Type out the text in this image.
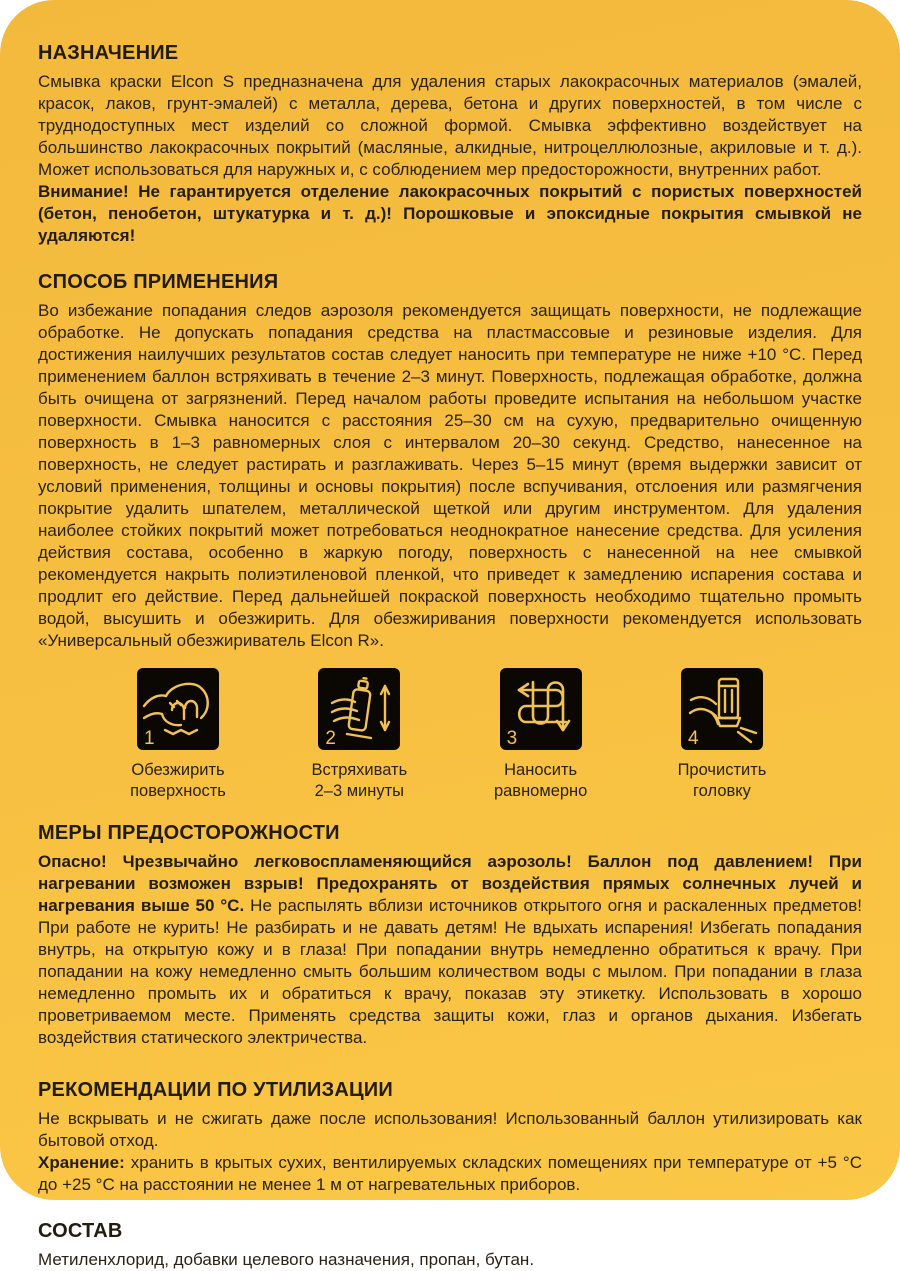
НАЗНАЧЕНИЕ

Смывка краски Elcon S предназначена для удаления старых лакокрасочных материалов (эмалей, красок, лаков, грунт-эмалей) с металла, дерева, бетона и других поверхностей, в том числе с труднодоступных мест изделий со сложной формой. Смывка эффективно воздействует на большинство лакокрасочных покрытий (масляные, алкидные, нитроцеллюлозные, акриловые и т. д.). Может использоваться для наружных и, с соблюдением мер предосторожности, внутренних работ.

Внимание! Не гарантируется отделение лакокрасочных покрытий с пористых поверхностей (бетон, пенобетон, штукатурка и т. д.)! Порошковые и эпоксидные покрытия смывкой не удаляются!

СПОСОБ ПРИМЕНЕНИЯ

Во избежание попадания следов аэрозоля рекомендуется защищать поверхности, не подлежащие обработке. Не допускать попадания средства на пластмассовые и резиновые изделия. Для достижения наилучших результатов состав следует наносить при температуре не ниже +10 °С. Перед применением баллон встряхивать в течение 2–3 минут. Поверхность, подлежащая обработке, должна быть очищена от загрязнений. Перед началом работы проведите испытания на небольшом участке поверхности. Смывка наносится с расстояния 25–30 см на сухую, предварительно очищенную поверхность в 1–3 равномерных слоя с интервалом 20–30 секунд. Средство, нанесенное на поверхность, не следует растирать и разглаживать. Через 5–15 минут (время выдержки зависит от условий применения, толщины и основы покрытия) после вспучивания, отслоения или размягчения покрытие удалить шпателем, металлической щеткой или другим инструментом. Для удаления наиболее стойких покрытий может потребоваться неоднократное нанесение средства. Для усиления действия состава, особенно в жаркую погоду, поверхность с нанесенной на нее смывкой рекомендуется накрыть полиэтиленовой пленкой, что приведет к замедлению испарения состава и продлит его действие. Перед дальнейшей покраской поверхность необходимо тщательно промыть водой, высушить и обезжирить. Для обезжиривания поверхности рекомендуется использовать «Универсальный обезжириватель Elcon R».

1
Обезжирить
поверхность
2
Встряхивать
2–3 минуты
3
Наносить
равномерно
4
Прочистить
головку
МЕРЫ ПРЕДОСТОРОЖНОСТИ

Опасно! Чрезвычайно легковоспламеняющийся аэрозоль! Баллон под давлением! При нагревании возможен взрыв! Предохранять от воздействия прямых солнечных лучей и нагревания выше 50 °С. Не распылять вблизи источников открытого огня и раскаленных предметов! При работе не курить! Не разбирать и не давать детям! Не вдыхать испарения! Избегать попадания внутрь, на открытую кожу и в глаза! При попадании внутрь немедленно обратиться к врачу. При попадании на кожу немедленно смыть большим количеством воды с мылом. При попадании в глаза немедленно промыть их и обратиться к врачу, показав эту этикетку. Использовать в хорошо проветриваемом месте. Применять средства защиты кожи, глаз и органов дыхания. Избегать воздействия статического электричества.

РЕКОМЕНДАЦИИ ПО УТИЛИЗАЦИИ

Не вскрывать и не сжигать даже после использования! Использованный баллон утилизировать как бытовой отход.

Хранение: хранить в крытых сухих, вентилируемых складских помещениях при температуре от +5 °С до +25 °С на расстоянии не менее 1 м от нагревательных приборов.

СОСТАВ

Метиленхлорид, добавки целевого назначения, пропан, бутан.
